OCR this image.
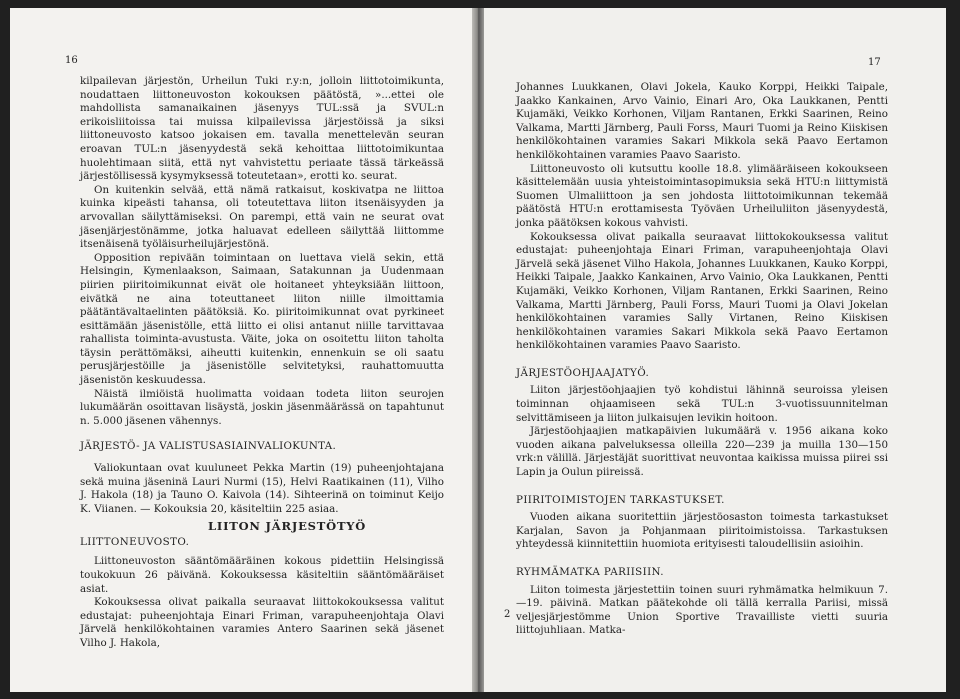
16

kilpailevan järjestön, Urheilun Tuki r.y:n, jolloin liittotoimikunta, noudattaen liittoneuvoston kokouksen päätöstä, »...ettei ole mahdollista samanaikainen jäsenyys TUL:ssä ja SVUL:n erikoisliitoissa tai muissa kilpailevissa järjestöissä ja siksi liittoneuvosto katsoo jokaisen em. tavalla menettelevän seuran eroavan TUL:n jäsenyydestä sekä kehoittaa liittotoimikuntaa huolehtimaan siitä, että nyt vahvistettu periaate tässä tärkeässä järjestöllisessä kysymyksessä toteutetaan», erotti ko. seurat.

On kuitenkin selvää, että nämä ratkaisut, koskivatpa ne liittoa kuinka kipeästi tahansa, oli toteutettava liiton itsenäisyyden ja arvovallan säilyttämiseksi. On parempi, että vain ne seurat ovat jäsenjärjestönämme, jotka haluavat edelleen säilyttää liittomme itsenäisenä työläisurheilujärjestönä.

Opposition repivään toimintaan on luettava vielä sekin, että Helsingin, Kymenlaakson, Saimaan, Satakunnan ja Uudenmaan piirien piiritoimikunnat eivät ole hoitaneet yhteyksiään liittoon, eivätkä ne aina toteuttaneet liiton niille ilmoittamia päätäntävaltaelinten päätöksiä. Ko. piiritoimikunnat ovat pyrkineet esittämään jäsenistölle, että liitto ei olisi antanut niille tarvittavaa rahallista toiminta-avustusta. Väite, joka on osoitettu liiton taholta täysin perättömäksi, aiheutti kuitenkin, ennenkuin se oli saatu perusjärjestöille ja jäsenistölle selvitetyksi, rauhattomuutta jäsenistön keskuudessa.

Näistä ilmiöistä huolimatta voidaan todeta liiton seurojen lukumäärän osoittavan lisäystä, joskin jäsenmäärässä on tapahtunut n. 5.000 jäsenen vähennys.

JÄRJESTÖ- JA VALISTUSASIAINVALIOKUNTA.

Valiokuntaan ovat kuuluneet Pekka Martin (19) puheenjohtajana sekä muina jäseninä Lauri Nurmi (15), Helvi Raatikainen (11), Vilho J. Hakola (18) ja Tauno O. Kaivola (14). Sihteerinä on toiminut Keijo K. Viianen. — Kokouksia 20, käsiteltiin 225 asiaa.

LIITON JÄRJESTÖTYÖ
LIITTONEUVOSTO.

Liittoneuvoston sääntömääräinen kokous pidettiin Helsingissä toukokuun 26 päivänä. Kokouksessa käsiteltiin sääntömääräiset asiat.

Kokouksessa olivat paikalla seuraavat liittokokouksessa valitut edustajat: puheenjohtaja Einari Friman, varapuheenjohtaja Olavi Järvelä henkilökohtainen varamies Antero Saarinen sekä jäsenet Vilho J. Hakola,

17

Johannes Luukkanen, Olavi Jokela, Kauko Korppi, Heikki Taipale, Jaakko Kankainen, Arvo Vainio, Einari Aro, Oka Laukkanen, Pentti Kujamäki, Veikko Korhonen, Viljam Rantanen, Erkki Saarinen, Reino Valkama, Martti Järnberg, Pauli Forss, Mauri Tuomi ja Reino Kiiskisen henkilökohtainen varamies Sakari Mikkola sekä Paavo Eertamon henkilökohtainen varamies Paavo Saaristo.

Liittoneuvosto oli kutsuttu koolle 18.8. ylimääräiseen kokoukseen käsittelemään uusia yhteistoimintasopimuksia sekä HTU:n liittymistä Suomen Ulmaliittoon ja sen johdosta liittotoimikunnan tekemää päätöstä HTU:n erottamisesta Työväen Urheiluliiton jäsenyydestä, jonka päätöksen kokous vahvisti.

Kokouksessa olivat paikalla seuraavat liittokokouksessa valitut edustajat: puheenjohtaja Einari Friman, varapuheenjohtaja Olavi Järvelä sekä jäsenet Vilho Hakola, Johannes Luukkanen, Kauko Korppi, Heikki Taipale, Jaakko Kankainen, Arvo Vainio, Oka Laukkanen, Pentti Kujamäki, Veikko Korhonen, Viljam Rantanen, Erkki Saarinen, Reino Valkama, Martti Järnberg, Pauli Forss, Mauri Tuomi ja Olavi Jokelan henkilökohtainen varamies Sally Virtanen, Reino Kiiskisen henkilökohtainen varamies Sakari Mikkola sekä Paavo Eertamon henkilökohtainen varamies Paavo Saaristo.

JÄRJESTÖOHJAAJATYÖ.

Liiton järjestöohjaajien työ kohdistui lähinnä seuroissa yleisen toiminnan ohjaamiseen sekä TUL:n 3-vuotissuunnitelman selvittämiseen ja liiton julkaisujen levikin hoitoon.

Järjestöohjaajien matkapäivien lukumäärä v. 1956 aikana koko vuoden aikana palveluksessa olleilla 220—239 ja muilla 130—150 vrk:n välillä. Järjestäjät suorittivat neuvontaa kaikissa muissa piirei ssi Lapin ja Oulun piireissä.

PIIRITOIMISTOJEN TARKASTUKSET.

Vuoden aikana suoritettiin järjestöosaston toimesta tarkastukset Karjalan, Savon ja Pohjanmaan piiritoimistoissa. Tarkastuksen yhteydessä kiinnitettiin huomiota erityisesti taloudellisiin asioihin.

RYHMÄMATKA PARIISIIN.

Liiton toimesta järjestettiin toinen suuri ryhmämatka helmikuun 7.—19. päivinä. Matkan päätekohde oli tällä kerralla Pariisi, missä veljesjärjestömme Union Sportive Travailliste vietti suuria liittojuhliaan. Matka-

2
